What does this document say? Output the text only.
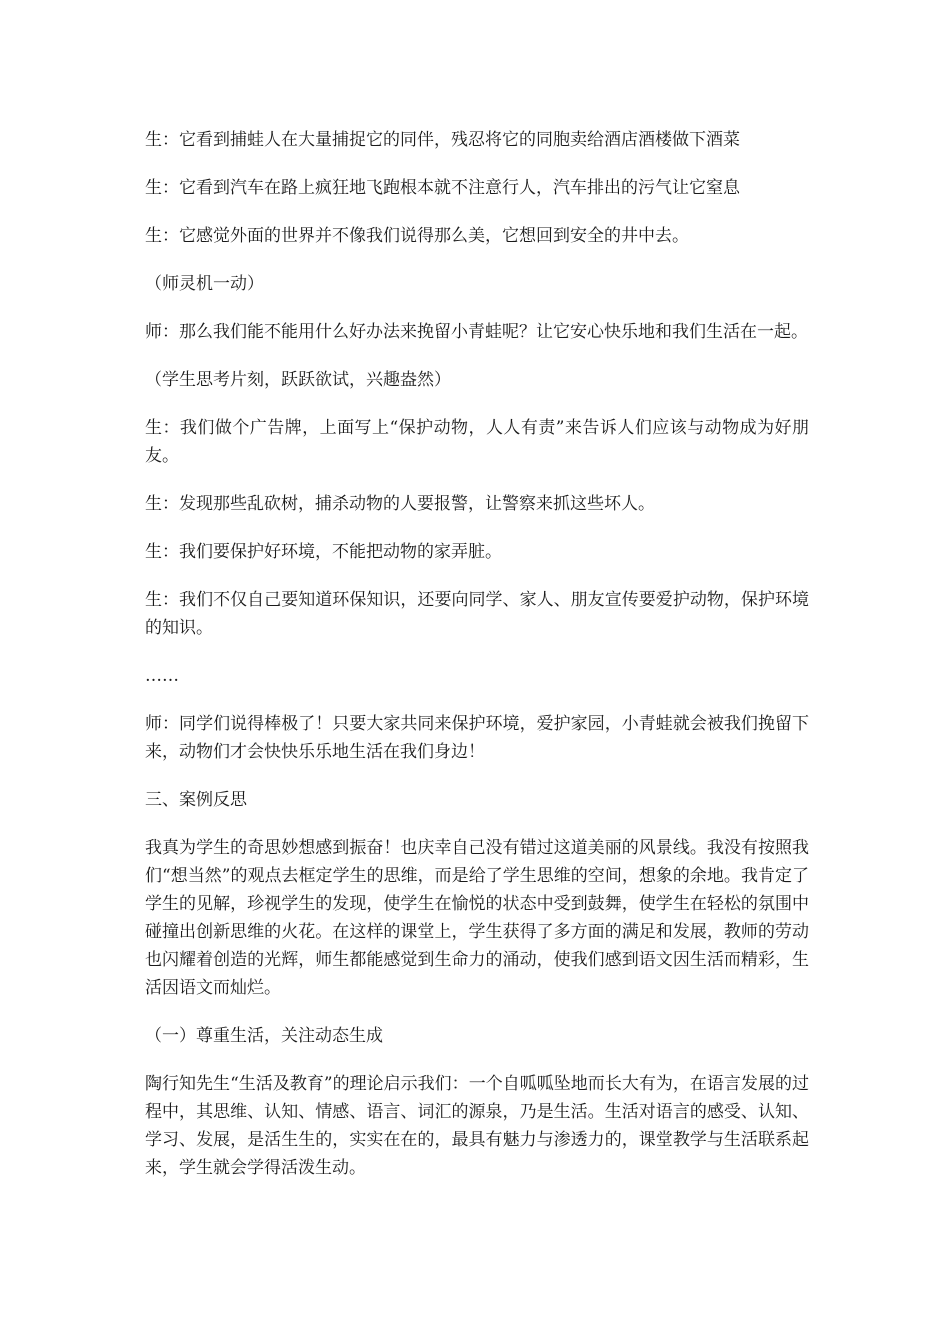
生：它看到捕蛙人在大量捕捉它的同伴，残忍将它的同胞卖给酒店酒楼做下酒菜

生：它看到汽车在路上疯狂地飞跑根本就不注意行人，汽车排出的污气让它窒息

生：它感觉外面的世界并不像我们说得那么美，它想回到安全的井中去。

（师灵机一动）

师：那么我们能不能用什么好办法来挽留小青蛙呢？让它安心快乐地和我们生活在一起。

（学生思考片刻，跃跃欲试，兴趣盎然）

生：我们做个广告牌，上面写上“保护动物，人人有责”来告诉人们应该与动物成为好朋友。

生：发现那些乱砍树，捕杀动物的人要报警，让警察来抓这些坏人。

生：我们要保护好环境，不能把动物的家弄脏。

生：我们不仅自己要知道环保知识，还要向同学、家人、朋友宣传要爱护动物，保护环境的知识。

……

师：同学们说得棒极了！只要大家共同来保护环境，爱护家园，小青蛙就会被我们挽留下来，动物们才会快快乐乐地生活在我们身边！

三、案例反思

我真为学生的奇思妙想感到振奋！也庆幸自己没有错过这道美丽的风景线。我没有按照我们“想当然”的观点去框定学生的思维，而是给了学生思维的空间，想象的余地。我肯定了学生的见解，珍视学生的发现，使学生在愉悦的状态中受到鼓舞，使学生在轻松的氛围中碰撞出创新思维的火花。在这样的课堂上，学生获得了多方面的满足和发展，教师的劳动也闪耀着创造的光辉，师生都能感觉到生命力的涌动，使我们感到语文因生活而精彩，生活因语文而灿烂。

（一）尊重生活，关注动态生成

陶行知先生“生活及教育”的理论启示我们：一个自呱呱坠地而长大有为，在语言发展的过程中，其思维、认知、情感、语言、词汇的源泉，乃是生活。生活对语言的感受、认知、学习、发展，是活生生的，实实在在的，最具有魅力与渗透力的，课堂教学与生活联系起来，学生就会学得活泼生动。
